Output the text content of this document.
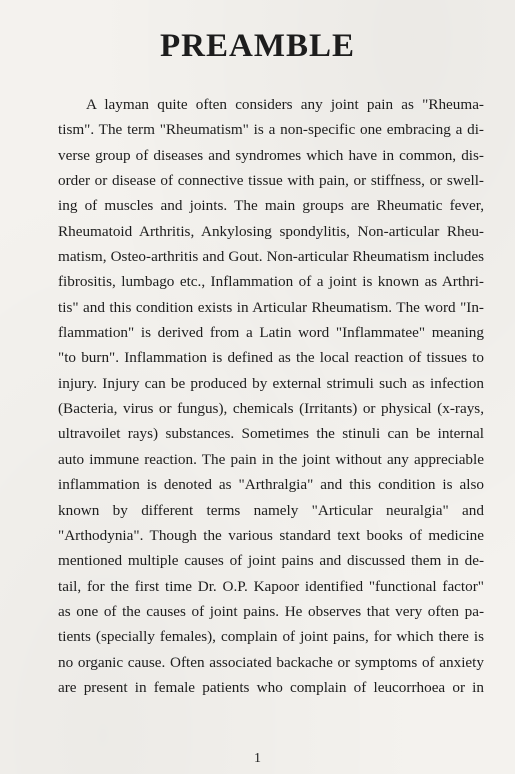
PREAMBLE
A layman quite often considers any joint pain as "Rheuma-
tism". The term "Rheumatism" is a non-specific one embracing a di-
verse group of diseases and syndromes which have in common, dis-
order or disease of connective tissue with pain, or stiffness, or swell-
ing of muscles and joints. The main groups are Rheumatic fever,
Rheumatoid Arthritis, Ankylosing spondylitis, Non-articular Rheu-
matism, Osteo-arthritis and Gout. Non-articular Rheumatism includes
fibrositis, lumbago etc., Inflammation of a joint is known as Arthri-
tis" and this condition exists in Articular Rheumatism. The word "In-
flammation" is derived from a Latin word "Inflammatee" meaning
"to burn". Inflammation is defined as the local reaction of tissues to
injury. Injury can be produced by external strimuli such as infection
(Bacteria, virus or fungus), chemicals (Irritants) or physical (x-rays,
ultravoilet rays) substances. Sometimes the stinuli can be internal
auto immune reaction. The pain in the joint without any appreciable
inflammation is denoted as "Arthralgia" and this condition is also
known by different terms namely "Articular neuralgia" and
"Arthodynia". Though the various standard text books of medicine
mentioned multiple causes of joint pains and discussed them in de-
tail, for the first time Dr. O.P. Kapoor identified "functional factor"
as one of the causes of joint pains. He observes that very often pa-
tients (specially females), complain of joint pains, for which there is
no organic cause. Often associated backache or symptoms of anxiety
are present in female patients who complain of leucorrhoea or in
1
